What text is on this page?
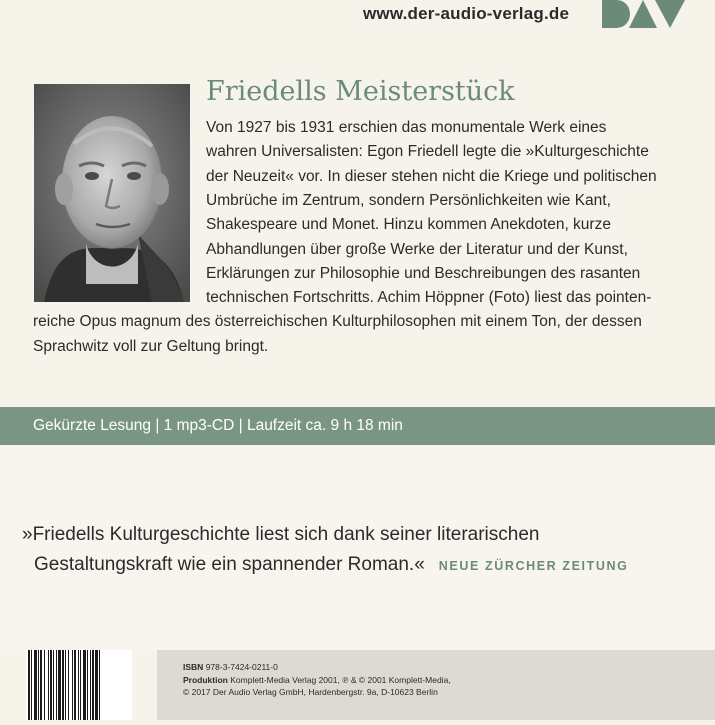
www.der-audio-verlag.de
Friedells Meisterstück
Von 1927 bis 1931 erschien das monumentale Werk eines
wahren Universalisten: Egon Friedell legte die »Kulturgeschichte
der Neuzeit« vor. In dieser stehen nicht die Kriege und politischen
Umbrüche im Zentrum, sondern Persönlichkeiten wie Kant,
Shakespeare und Monet. Hinzu kommen Anekdoten, kurze
Abhandlungen über große Werke der Literatur und der Kunst,
Erklärungen zur Philosophie und Beschreibungen des rasanten
technischen Fortschritts. Achim Höppner (Foto) liest das pointen-
reiche Opus magnum des österreichischen Kulturphilosophen mit einem Ton, der dessen
Sprachwitz voll zur Geltung bringt.
Gekürzte Lesung | 1 mp3-CD | Laufzeit ca. 9 h 18 min
»Friedells Kulturgeschichte liest sich dank seiner literarischen
Gestaltungskraft wie ein spannender Roman.« NEUE ZÜRCHER ZEITUNG
ISBN 978-3-7424-0211-0
Produktion Komplett-Media Verlag 2001, ℗ & © 2001 Komplett-Media,
© 2017 Der Audio Verlag GmbH, Hardenbergstr. 9a, D-10623 Berlin
